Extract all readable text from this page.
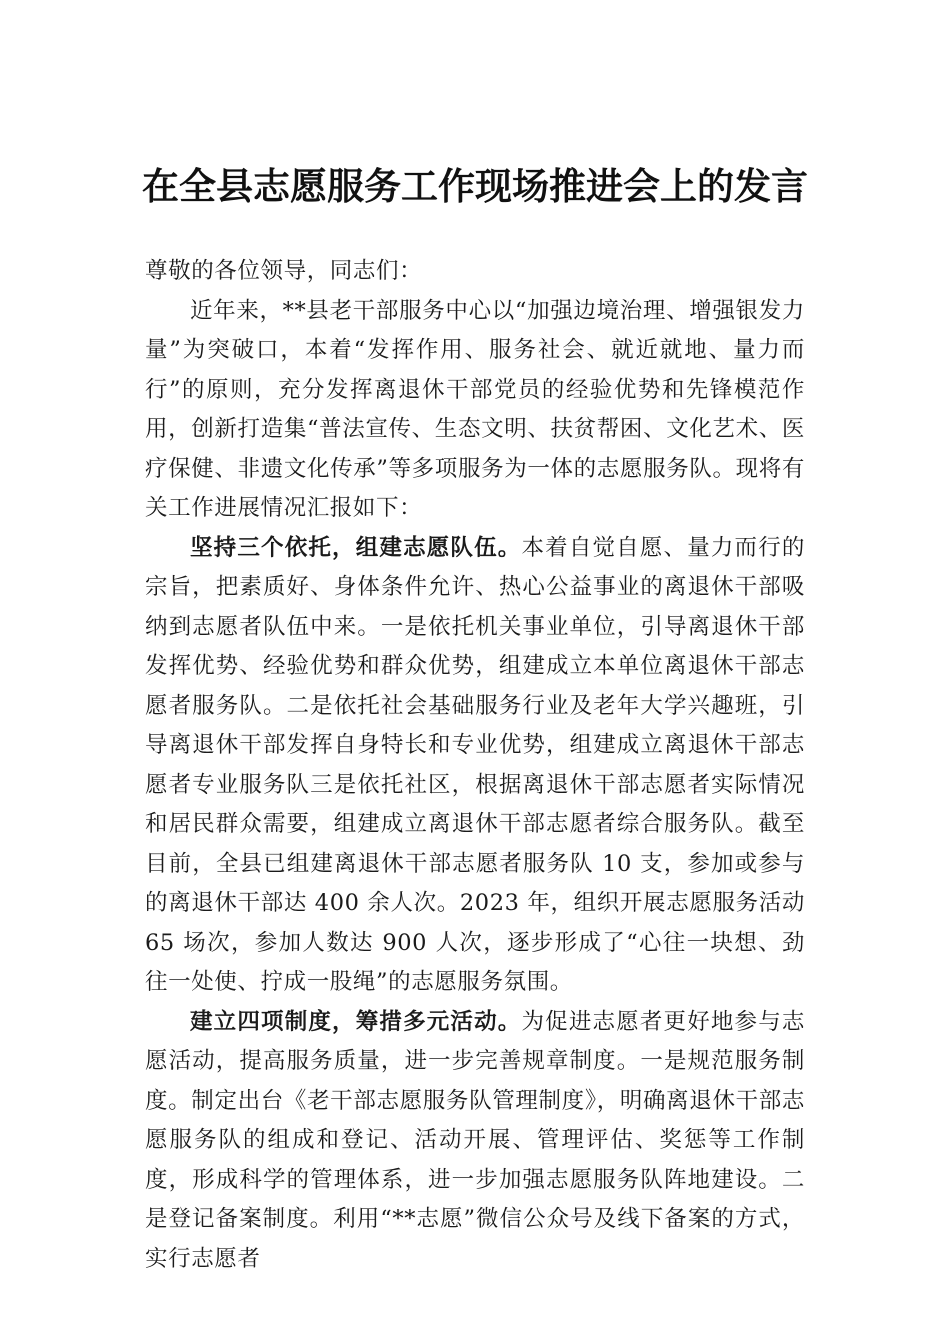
在全县志愿服务工作现场推进会上的发言

尊敬的各位领导，同志们：

近年来，**县老干部服务中心以“加强边境治理、增强银发力量”为突破口，本着“发挥作用、服务社会、就近就地、量力而行”的原则，充分发挥离退休干部党员的经验优势和先锋模范作用，创新打造集“普法宣传、生态文明、扶贫帮困、文化艺术、医疗保健、非遗文化传承”等多项服务为一体的志愿服务队。现将有关工作进展情况汇报如下：

坚持三个依托，组建志愿队伍。本着自觉自愿、量力而行的宗旨，把素质好、身体条件允许、热心公益事业的离退休干部吸纳到志愿者队伍中来。一是依托机关事业单位，引导离退休干部发挥优势、经验优势和群众优势，组建成立本单位离退休干部志愿者服务队。二是依托社会基础服务行业及老年大学兴趣班，引导离退休干部发挥自身特长和专业优势，组建成立离退休干部志愿者专业服务队三是依托社区，根据离退休干部志愿者实际情况和居民群众需要，组建成立离退休干部志愿者综合服务队。截至目前，全县已组建离退休干部志愿者服务队 10 支，参加或参与的离退休干部达 400 余人次。2023 年，组织开展志愿服务活动 65 场次，参加人数达 900 人次，逐步形成了“心往一块想、劲往一处使、拧成一股绳”的志愿服务氛围。

建立四项制度，筹措多元活动。为促进志愿者更好地参与志愿活动，提高服务质量，进一步完善规章制度。一是规范服务制度。制定出台《老干部志愿服务队管理制度》，明确离退休干部志愿服务队的组成和登记、活动开展、管理评估、奖惩等工作制度，形成科学的管理体系，进一步加强志愿服务队阵地建设。二是登记备案制度。利用“**志愿”微信公众号及线下备案的方式，实行志愿者
